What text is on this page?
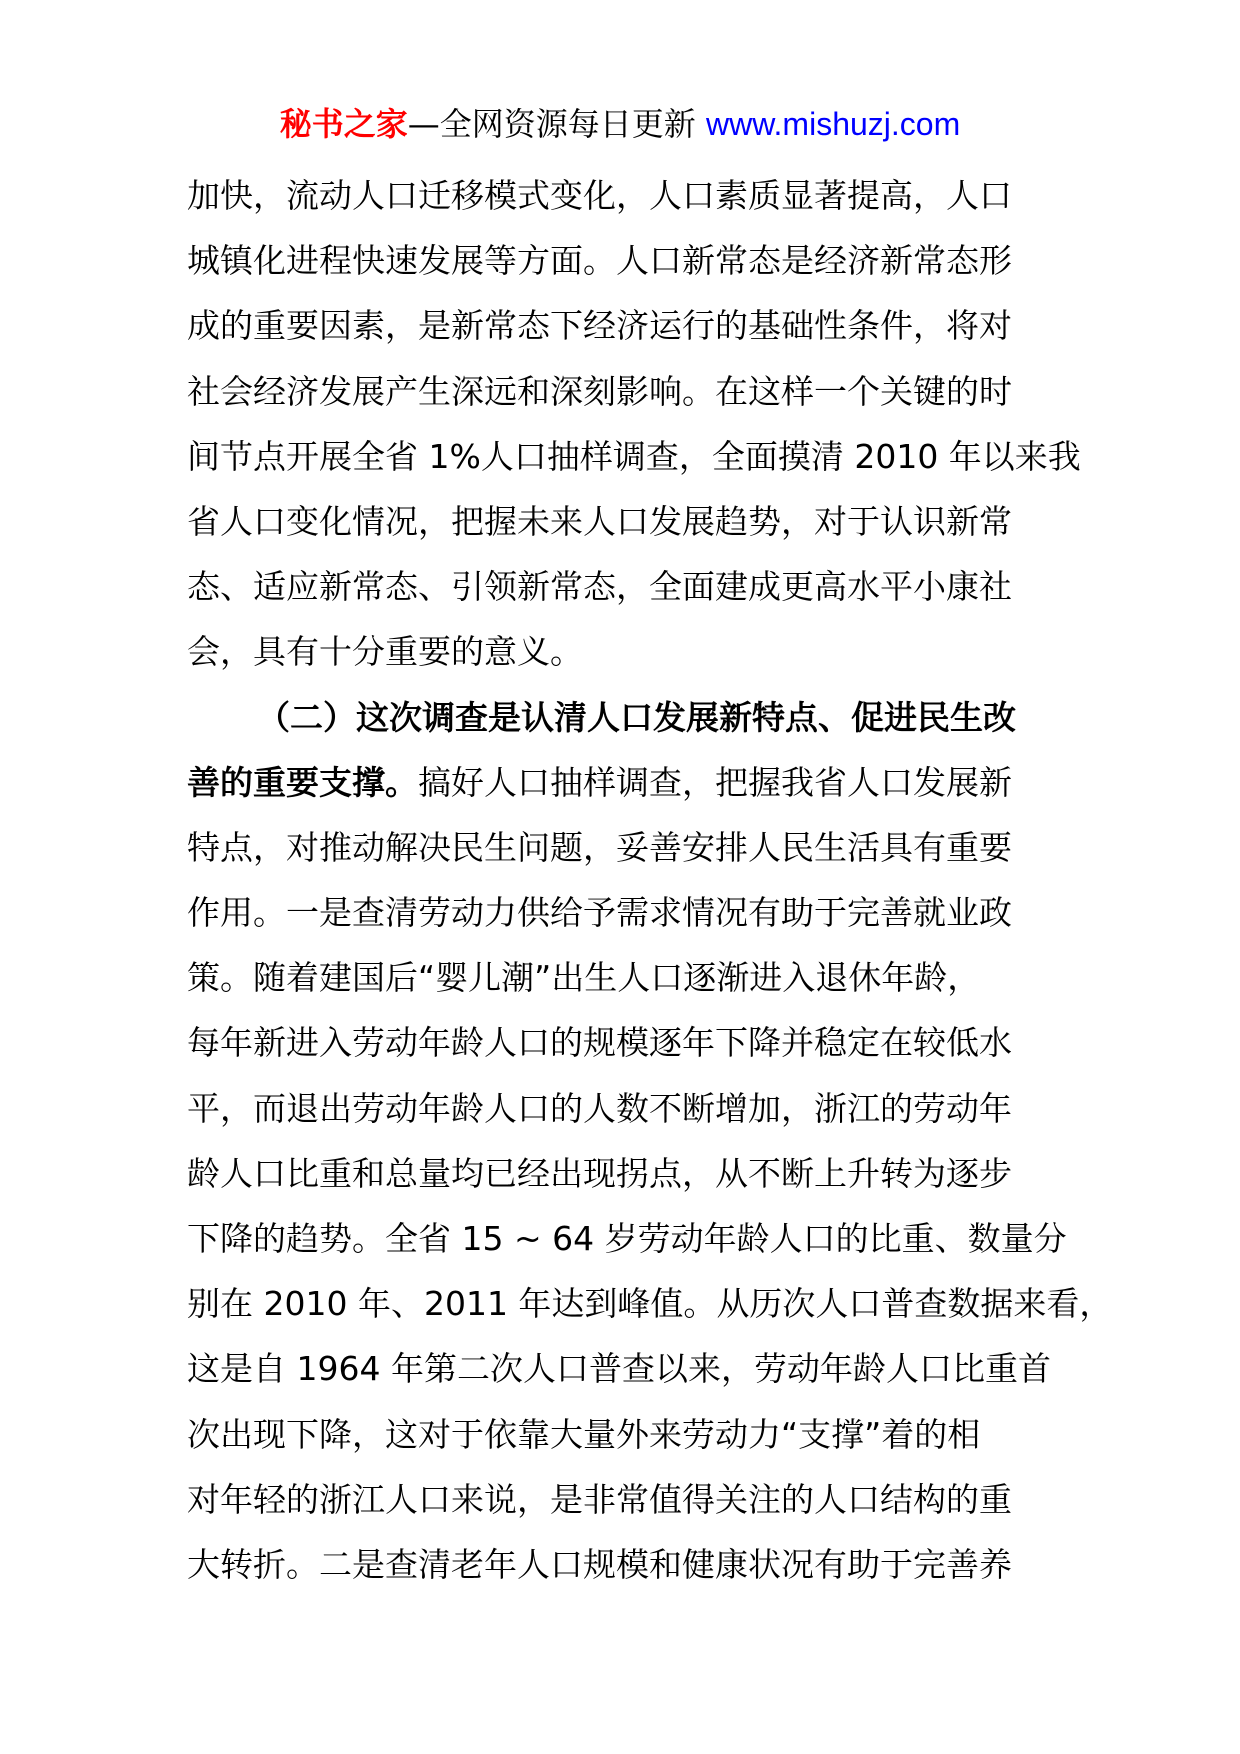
秘书之家—全网资源每日更新 www.mishuzj.com
加快，流动人口迁移模式变化，人口素质显著提高，人口
城镇化进程快速发展等方面。人口新常态是经济新常态形
成的重要因素，是新常态下经济运行的基础性条件，将对
社会经济发展产生深远和深刻影响。在这样一个关键的时
间节点开展全省 1%人口抽样调查，全面摸清 2010 年以来我
省人口变化情况，把握未来人口发展趋势，对于认识新常
态、适应新常态、引领新常态，全面建成更高水平小康社
会，具有十分重要的意义。
（二）这次调查是认清人口发展新特点、促进民生改
善的重要支撑。搞好人口抽样调查，把握我省人口发展新
特点，对推动解决民生问题，妥善安排人民生活具有重要
作用。一是查清劳动力供给予需求情况有助于完善就业政
策。随着建国后“婴儿潮”出生人口逐渐进入退休年龄，
每年新进入劳动年龄人口的规模逐年下降并稳定在较低水
平，而退出劳动年龄人口的人数不断增加，浙江的劳动年
龄人口比重和总量均已经出现拐点，从不断上升转为逐步
下降的趋势。全省 15 ~ 64 岁劳动年龄人口的比重、数量分
别在 2010 年、2011 年达到峰值。从历次人口普查数据来看，
这是自 1964 年第二次人口普查以来，劳动年龄人口比重首
次出现下降，这对于依靠大量外来劳动力“支撑”着的相
对年轻的浙江人口来说，是非常值得关注的人口结构的重
大转折。二是查清老年人口规模和健康状况有助于完善养
